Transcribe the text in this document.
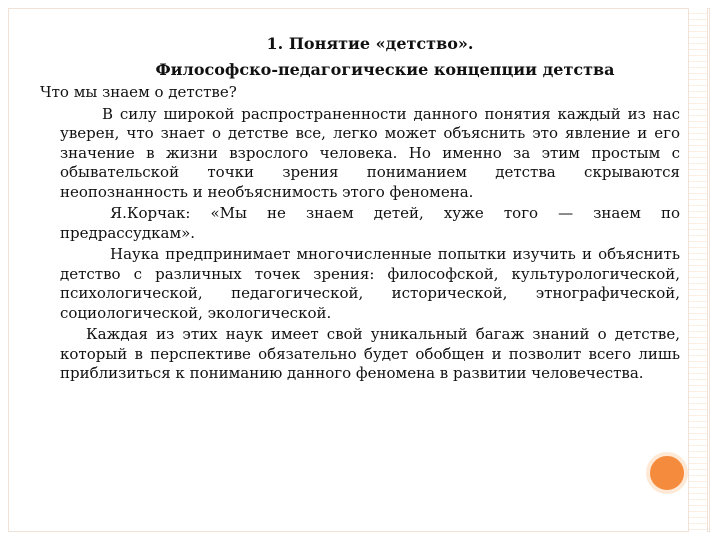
1. Понятие «детство».
Философско-педагогические концепции детства
Что мы знаем о детстве?

В силу широкой распространенности данного понятия каждый из нас уверен, что знает о детстве все, легко может объяснить это явление и его значение в жизни взрослого человека. Но именно за этим простым с обывательской точки зрения пониманием детства скрываются неопознанность и необъяснимость этого феномена.

Я.Корчак: «Мы не знаем детей, хуже того — знаем по предрассудкам».

Наука предпринимает многочисленные попытки изучить и объяснить детство с различных точек зрения: философской, культурологической, психологической, педагогической, исторической, этнографической, социологической, экологической.

Каждая из этих наук имеет свой уникальный багаж знаний о детстве, который в перспективе обязательно будет обобщен и позволит всего лишь приблизиться к пониманию данного феномена в развитии человечества.
